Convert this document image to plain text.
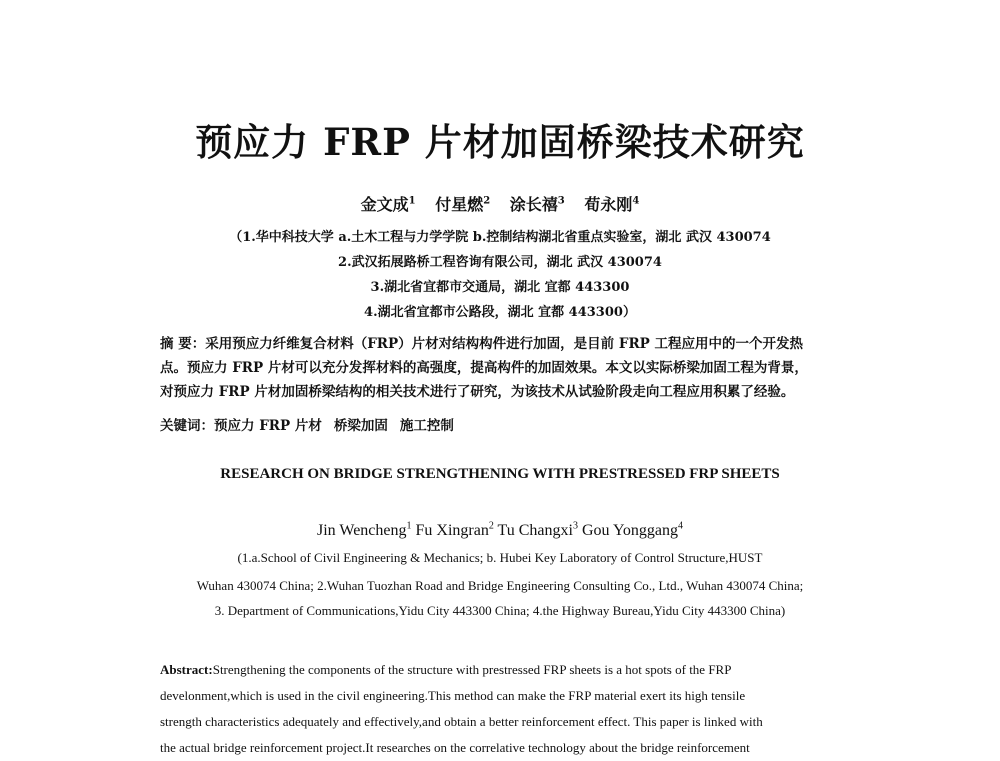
预应力 FRP 片材加固桥梁技术研究
金文成$^1$ 付星燃$^2$ 涂长禧$^3$ 荀永刚$^4$
（1.华中科技大学 a.土木工程与力学学院 b.控制结构湖北省重点实验室，湖北 武汉 430074
2.武汉拓展路桥工程咨询有限公司，湖北 武汉 430074
3.湖北省宜都市交通局，湖北 宜都 443300
4.湖北省宜都市公路段，湖北 宜都 443300）
摘 要：采用预应力纤维复合材料（FRP）片材对结构构件进行加固，是目前 FRP 工程应用中的一个开发热
点。预应力 FRP 片材可以充分发挥材料的高强度，提高构件的加固效果。本文以实际桥梁加固工程为背景，
对预应力 FRP 片材加固桥梁结构的相关技术进行了研究，为该技术从试验阶段走向工程应用积累了经验。
关键词：预应力 FRP 片材 桥梁加固 施工控制
RESEARCH ON BRIDGE STRENGTHENING WITH PRESTRESSED FRP SHEETS
Jin Wencheng$^1$ Fu Xingran$^2$ Tu Changxi$^3$ Gou Yonggang$^4$
(1.a.School of Civil Engineering & Mechanics; b. Hubei Key Laboratory of Control Structure,HUST
Wuhan 430074 China; 2.Wuhan Tuozhan Road and Bridge Engineering Consulting Co., Ltd., Wuhan 430074 China;
3. Department of Communications,Yidu City 443300 China; 4.the Highway Bureau,Yidu City 443300 China)
Abstract:Strengthening the components of the structure with prestressed FRP sheets is a hot spots of the FRP
develonment,which is used in the civil engineering.This method can make the FRP material exert its high tensile
strength characteristics adequately and effectively,and obtain a better reinforcement effect. This paper is linked with
the actual bridge reinforcement project.It researches on the correlative technology about the bridge reinforcement
